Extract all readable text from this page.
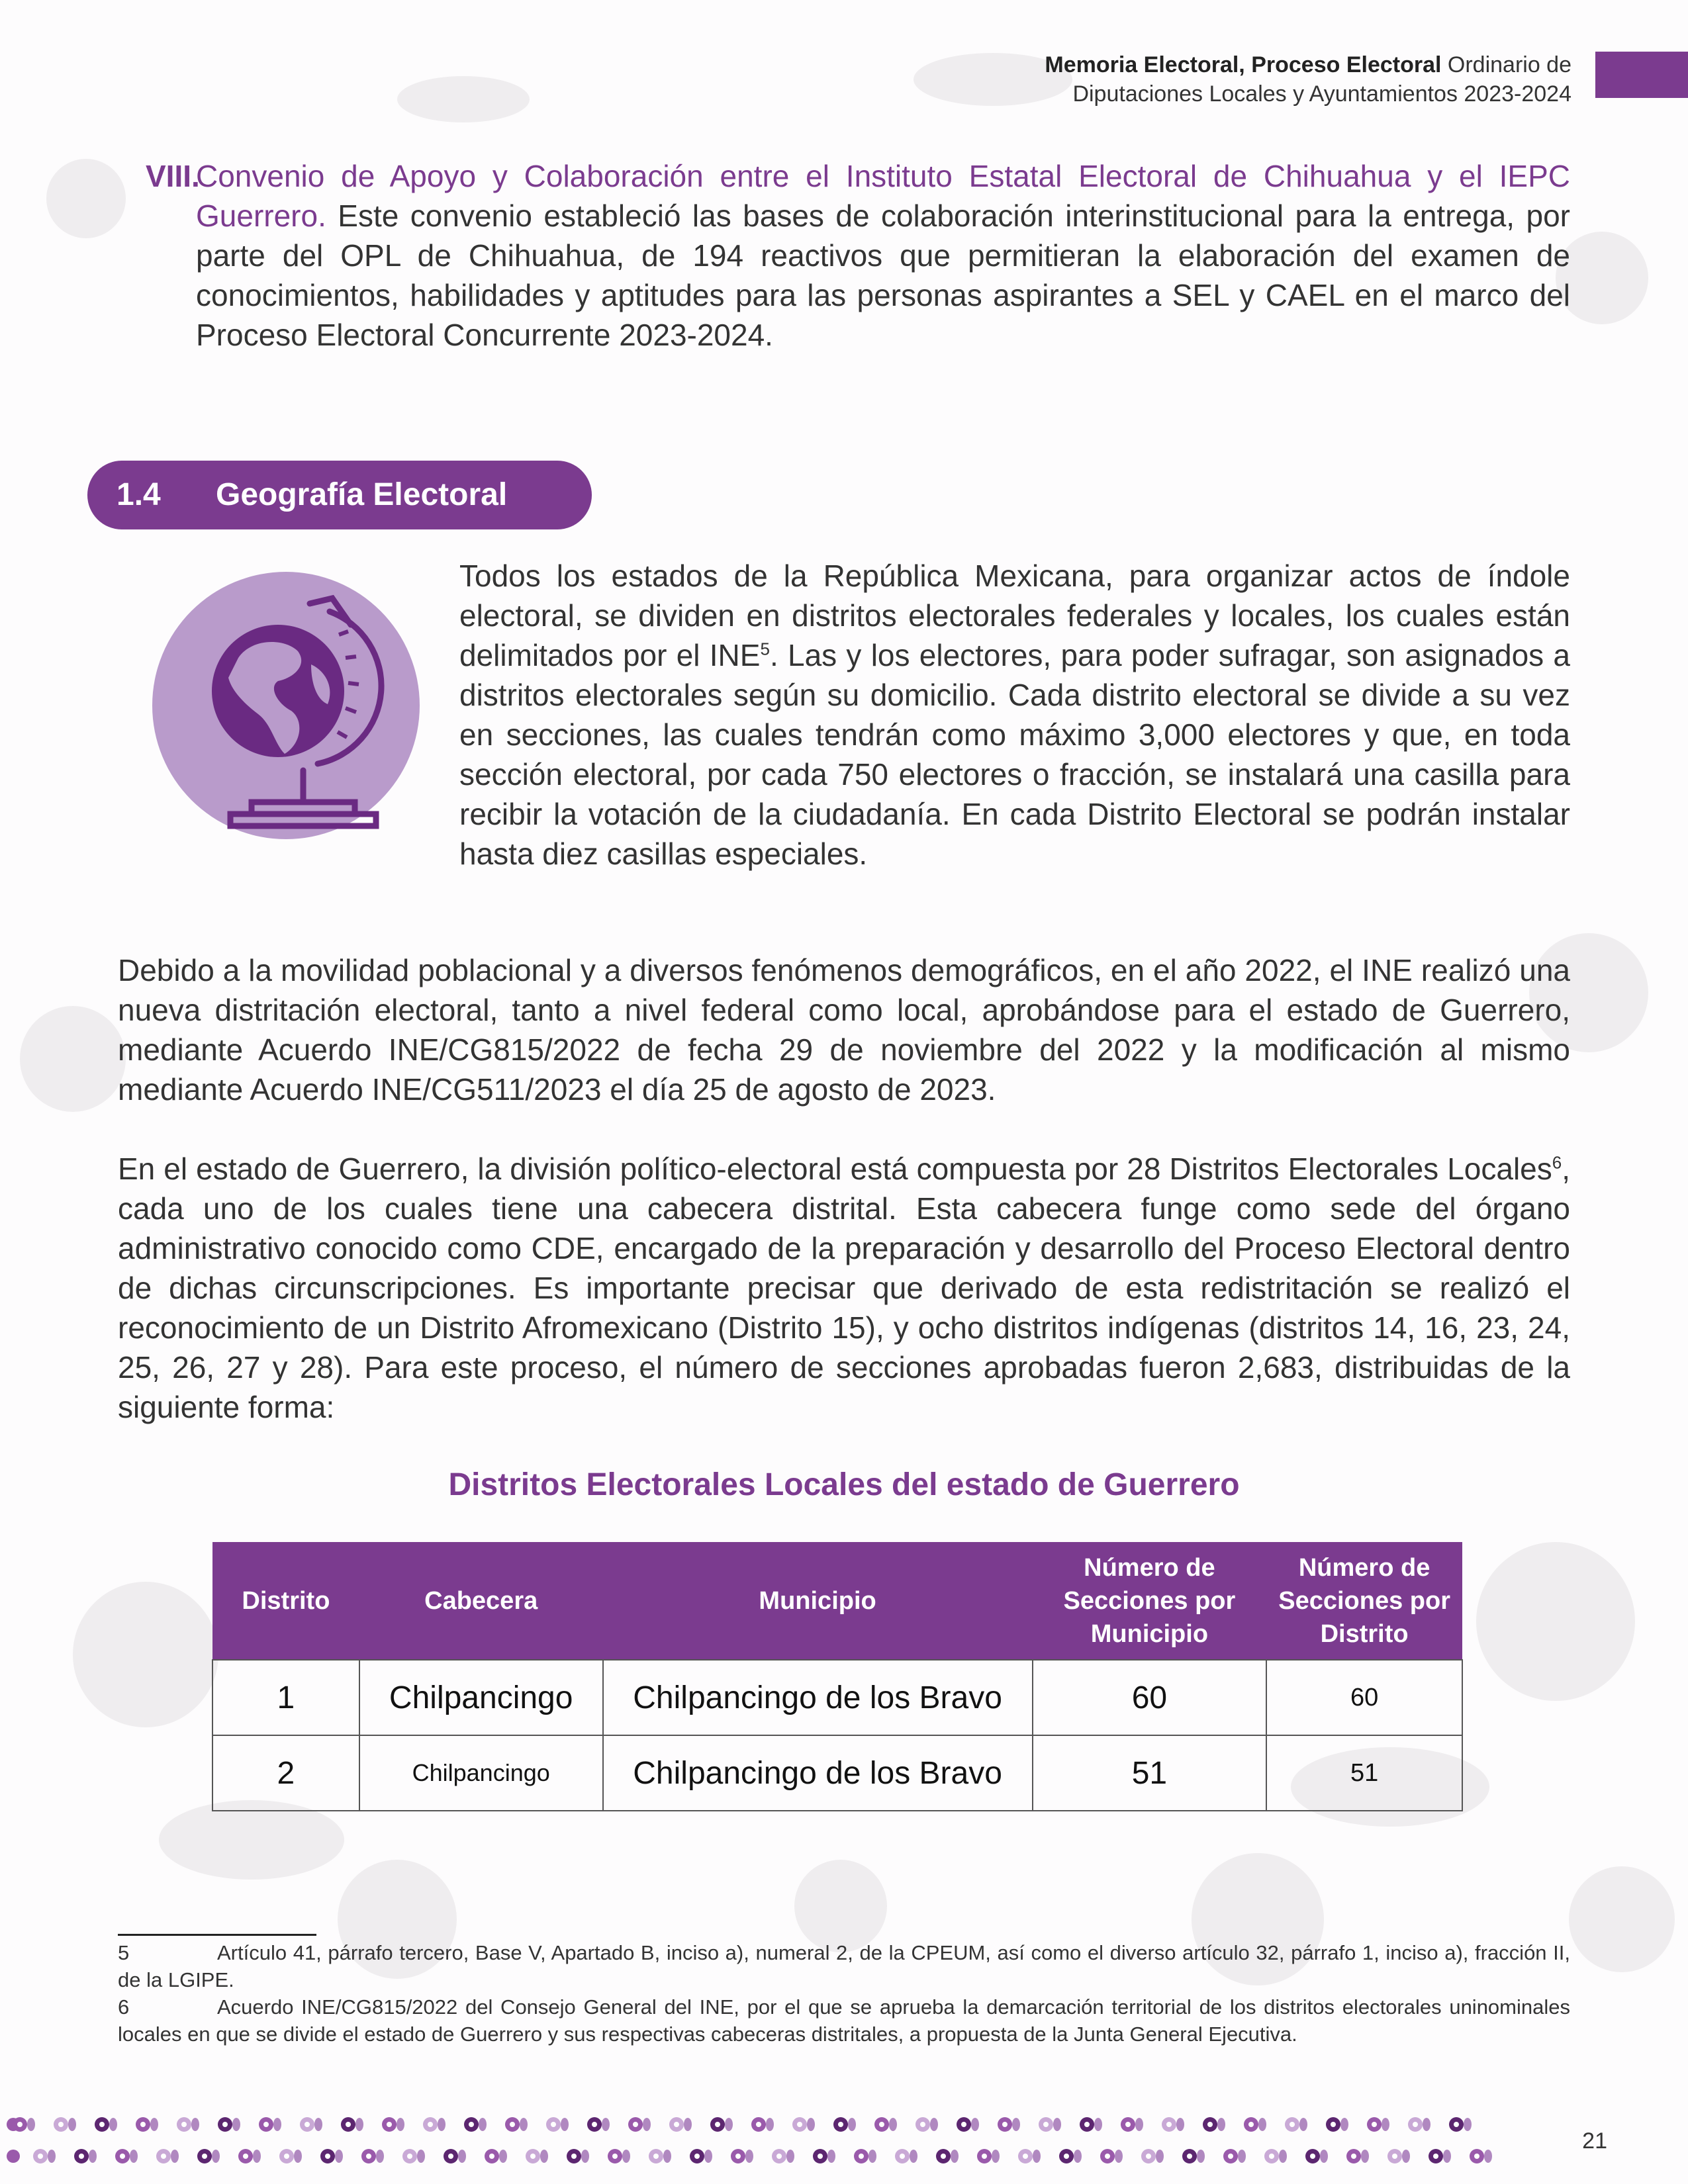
Memoria Electoral, Proceso Electoral Ordinario de
Diputaciones Locales y Ayuntamientos 2023-2024
VIII.
Convenio de Apoyo y Colaboración entre el Instituto Estatal Electoral de Chihuahua y el IEPC Guerrero. Este convenio estableció las bases de colaboración interinstitucional para la entrega, por parte del OPL de Chihuahua, de 194 reactivos que permitieran la elaboración del examen de conocimientos, habilidades y aptitudes para las personas aspirantes a SEL y CAEL en el marco del Proceso Electoral Concurrente 2023-2024.
1.4 Geografía Electoral
Todos los estados de la República Mexicana, para organizar actos de índole electoral, se dividen en distritos electorales federales y locales, los cuales están delimitados por el INE$^5$. Las y los electores, para poder sufragar, son asignados a distritos electorales según su domicilio. Cada distrito electoral se divide a su vez en secciones, las cuales tendrán como máximo 3,000 electores y que, en toda sección electoral, por cada 750 electores o fracción, se instalará una casilla para recibir la votación de la ciudadanía. En cada Distrito Electoral se podrán instalar hasta diez casillas especiales.
Debido a la movilidad poblacional y a diversos fenómenos demográficos, en el año 2022, el INE realizó una nueva distritación electoral, tanto a nivel federal como local, aprobándose para el estado de Guerrero, mediante Acuerdo INE/CG815/2022 de fecha 29 de noviembre del 2022 y la modificación al mismo mediante Acuerdo INE/CG511/2023 el día 25 de agosto de 2023.
En el estado de Guerrero, la división político-electoral está compuesta por 28 Distritos Electorales Locales$^6$, cada uno de los cuales tiene una cabecera distrital. Esta cabecera funge como sede del órgano administrativo conocido como CDE, encargado de la preparación y desarrollo del Proceso Electoral dentro de dichas circunscripciones. Es importante precisar que derivado de esta redistritación se realizó el reconocimiento de un Distrito Afromexicano (Distrito 15), y ocho distritos indígenas (distritos 14, 16, 23, 24, 25, 26, 27 y 28). Para este proceso, el número de secciones aprobadas fueron 2,683, distribuidas de la siguiente forma:
Distritos Electorales Locales del estado de Guerrero
Distrito	Cabecera	Municipio	Número de Secciones por Municipio	Número de Secciones por Distrito
1	Chilpancingo	Chilpancingo de los Bravo	60	60
2	Chilpancingo	Chilpancingo de los Bravo	51	51
5	Artículo 41, párrafo tercero, Base V, Apartado B, inciso a), numeral 2, de la CPEUM, así como el diverso artículo 32, párrafo 1, inciso a), fracción II, de la LGIPE.
6	Acuerdo INE/CG815/2022 del Consejo General del INE, por el que se aprueba la demarcación territorial de los distritos electorales uninominales locales en que se divide el estado de Guerrero y sus respectivas cabeceras distritales, a propuesta de la Junta General Ejecutiva.
21
